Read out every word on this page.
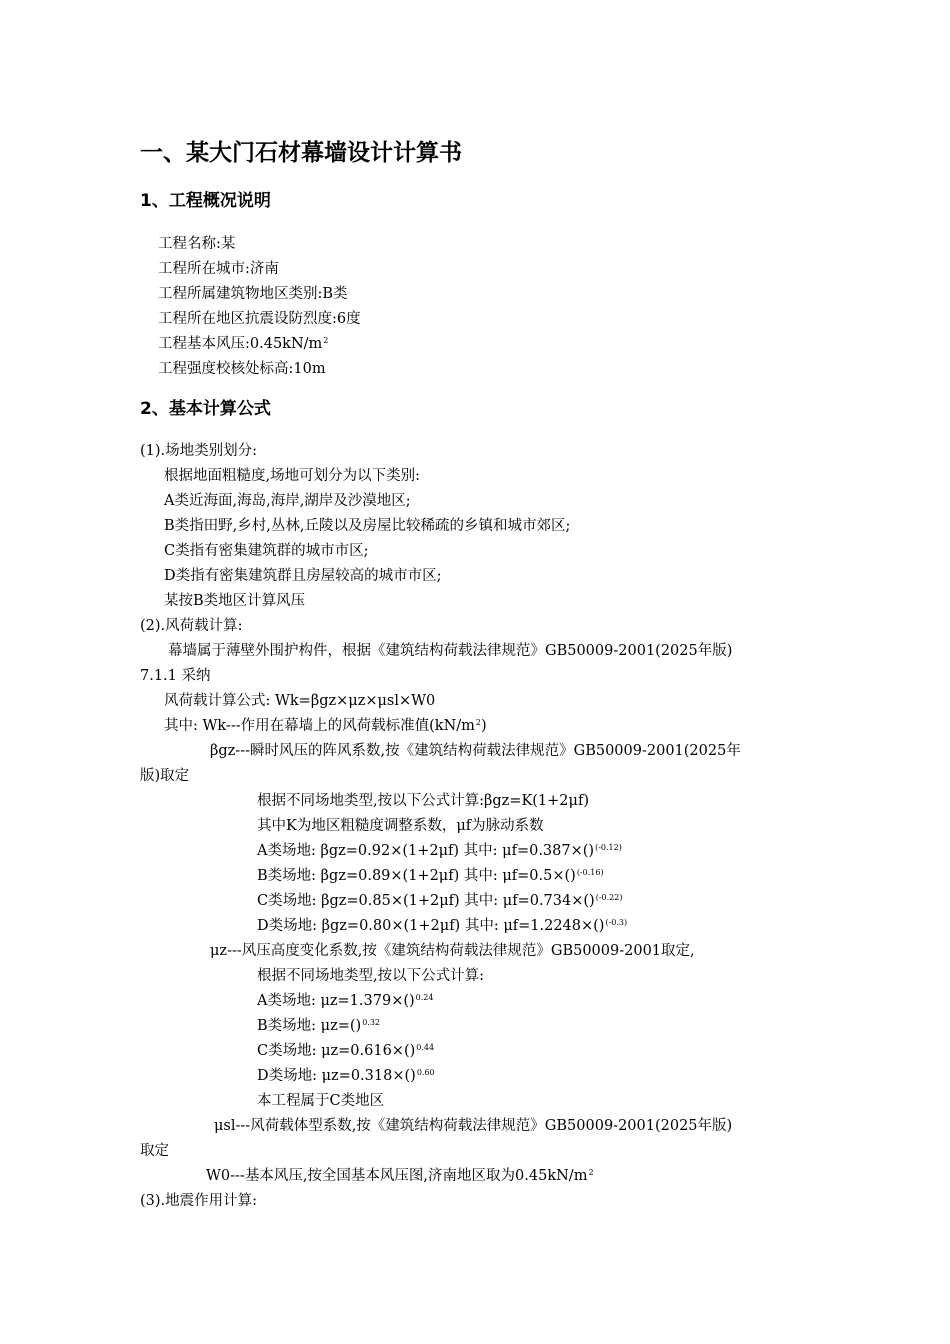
一、某大门石材幕墙设计计算书
1、工程概况说明
工程名称:某
工程所在城市:济南
工程所属建筑物地区类别:B类
工程所在地区抗震设防烈度:6度
工程基本风压$:0.45kN/m^2$
工程强度校核处标高:10m
2、基本计算公式
(1).场地类别划分:
根据地面粗糙度,场地可划分为以下类别:
A类近海面,海岛,海岸,湖岸及沙漠地区;
B类指田野,乡村,丛林,丘陵以及房屋比较稀疏的乡镇和城市郊区;
C类指有密集建筑群的城市市区;
D类指有密集建筑群且房屋较高的城市市区;
某按B类地区计算风压
(2).风荷载计算:
幕墙属于薄壁外围护构件，根据《建筑结构荷载法律规范》GB50009-2001(2025年版)
7.1.1 采纳
风荷载计算公式: Wk=βgz×μz×μsl×W0
其中: Wk---作用在幕墙上的风荷载标准值$(kN/m^2)$
βgz---瞬时风压的阵风系数,按《建筑结构荷载法律规范》GB50009-2001(2025年
版)取定
根据不同场地类型,按以下公式计算:βgz=K(1+2μf)
其中K为地区粗糙度调整系数，μf为脉动系数
A类场地: βgz=0.92×(1+2μf) 其中: μf=0.387×()$^{(-0.12)}$
B类场地: βgz=0.89×(1+2μf) 其中: μf=0.5×()$^{(-0.16)}$
C类场地: βgz=0.85×(1+2μf) 其中: μf=0.734×()$^{(-0.22)}$
D类场地: βgz=0.80×(1+2μf) 其中: μf=1.2248×()$^{(-0.3)}$
μz---风压高度变化系数,按《建筑结构荷载法律规范》GB50009-2001取定,
根据不同场地类型,按以下公式计算:
A类场地: μz=1.379×()$^{0.24}$
B类场地: μz=()$^{0.32}$
C类场地: μz=0.616×()$^{0.44}$
D类场地: μz=0.318×()$^{0.60}$
本工程属于C类地区
μsl---风荷载体型系数,按《建筑结构荷载法律规范》GB50009-2001(2025年版)
取定
W0---基本风压,按全国基本风压图,济南地区取为$0.45kN/m^2$
(3).地震作用计算:
